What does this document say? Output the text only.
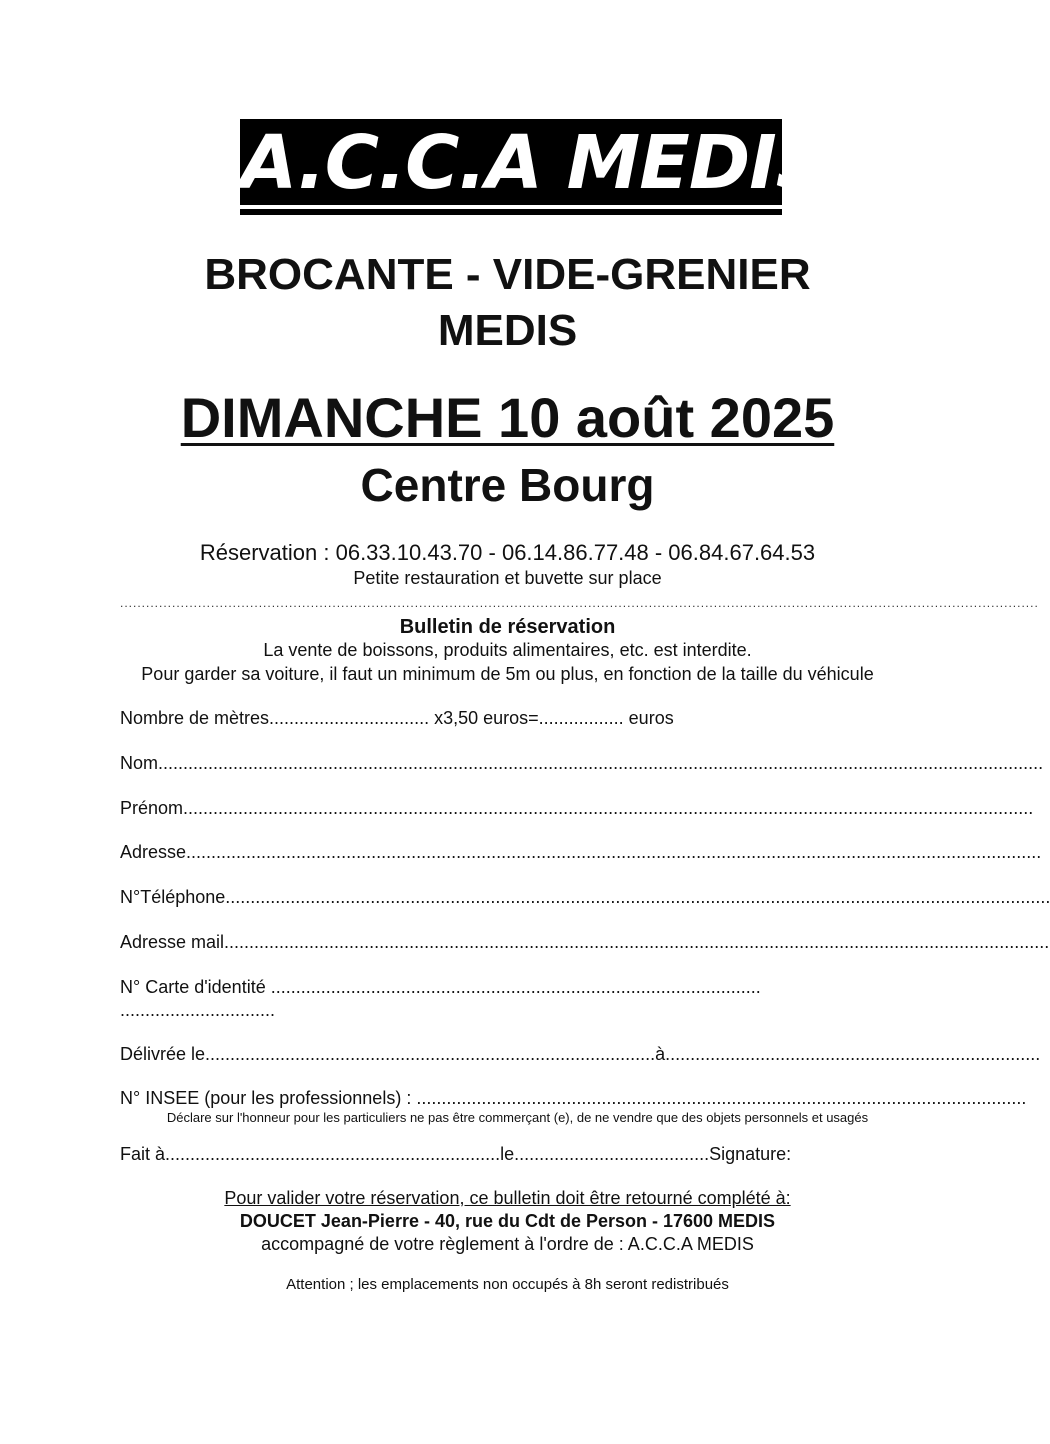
A.C.C.A MEDIS
BROCANTE - VIDE-GRENIER
MEDIS
DIMANCHE 10 août 2025
Centre Bourg
Réservation : 06.33.10.43.70 - 06.14.86.77.48 - 06.84.67.64.53
Petite restauration et buvette sur place
....................................................................................................................................................................................................................
Bulletin de réservation
La vente de boissons, produits alimentaires, etc. est interdite.
Pour garder sa voiture, il faut un minimum de 5m ou plus, en fonction de la taille du véhicule
Nombre de mètres................................ x3,50 euros=................. euros
Nom.................................................................................................................................................................................
Prénom..........................................................................................................................................................................
Adresse...........................................................................................................................................................................
N°Téléphone.....................................................................................................................................................................
Adresse mail.....................................................................................................................................................................
N° Carte d'identité ..................................................................................................
...............................
Délivrée le..........................................................................................à...........................................................................
N° INSEE (pour les professionnels) : ..........................................................................................................................
Déclare sur l'honneur pour les particuliers ne pas être commerçant (e), de ne vendre que des objets personnels et usagés
Fait à...................................................................le.......................................Signature:
Pour valider votre réservation, ce bulletin doit être retourné complété à:
DOUCET Jean-Pierre - 40, rue du Cdt de Person - 17600 MEDIS
accompagné de votre règlement à l'ordre de : A.C.C.A MEDIS
Attention ; les emplacements non occupés à 8h seront redistribués
